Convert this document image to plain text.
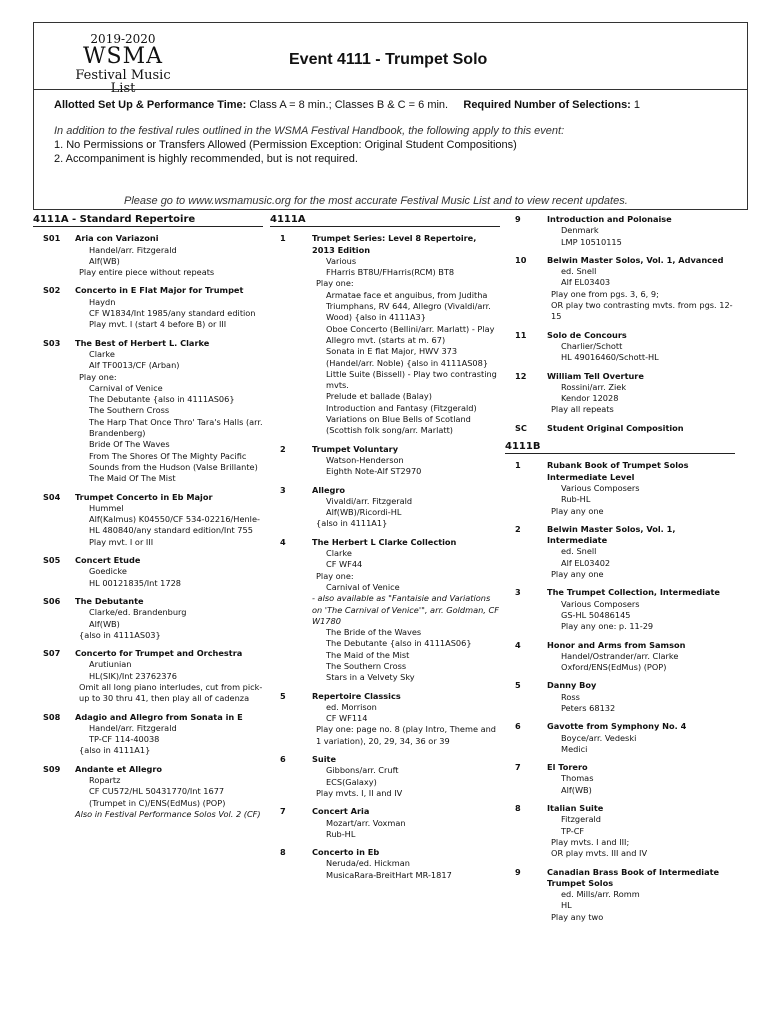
2019-2020
WSMA
Festival Music List
Event 4111 - Trumpet Solo
Allotted Set Up & Performance Time: Class A = 8 min.; Classes B & C = 6 min. Required Number of Selections: 1
In addition to the festival rules outlined in the WSMA Festival Handbook, the following apply to this event:
1. No Permissions or Transfers Allowed (Permission Exception: Original Student Compositions)
2. Accompaniment is highly recommended, but is not required.
Please go to www.wsmamusic.org for the most accurate Festival Music List and to view recent updates.
4111A - Standard Repertoire
S01 Aria con Variazoni
Handel/arr. Fitzgerald
Alf(WB)
Play entire piece without repeats
S02 Concerto in E Flat Major for Trumpet
Haydn
CF W1834/Int 1985/any standard edition
Play mvt. I (start 4 before B) or III
S03 The Best of Herbert L. Clarke
Clarke
Alf TF0013/CF (Arban)
Play one:
Carnival of Venice
The Debutante {also in 4111AS06}
The Southern Cross
The Harp That Once Thro' Tara's Halls (arr. Brandenberg)
Bride Of The Waves
From The Shores Of The Mighty Pacific
Sounds from the Hudson (Valse Brillante)
The Maid Of The Mist
S04 Trumpet Concerto in Eb Major
Hummel
Alf(Kalmus) K04550/CF 534-02216/Henle-HL 480840/any standard edition/Int 755
Play mvt. I or III
S05 Concert Etude
Goedicke
HL 00121835/Int 1728
S06 The Debutante
Clarke/ed. Brandenburg
Alf(WB)
{also in 4111AS03}
S07 Concerto for Trumpet and Orchestra
Arutiunian
HL(SIK)/Int 23762376
Omit all long piano interludes, cut from pick-up to 30 thru 41, then play all of cadenza
S08 Adagio and Allegro from Sonata in E
Handel/arr. Fitzgerald
TP-CF 114-40038
{also in 4111A1}
S09 Andante et Allegro
Ropartz
CF CU572/HL 50431770/Int 1677 (Trumpet in C)/ENS(EdMus) (POP)
Also in Festival Performance Solos Vol. 2 (CF)
4111A
1	Trumpet Series: Level 8 Repertoire, 2013 Edition
Various
FHarris BT8U/FHarris(RCM) BT8
Play one:
Armatae face et anguibus, from Juditha Triumphans, RV 644, Allegro (Vivaldi/arr. Wood) {also in 4111A3}
Oboe Concerto (Bellini/arr. Marlatt) - Play Allegro mvt. (starts at m. 67)
Sonata in E flat Major, HWV 373 (Handel/arr. Noble) {also in 4111AS08}
Little Suite (Bissell) - Play two contrasting mvts.
Prelude et ballade (Balay)
Introduction and Fantasy (Fitzgerald)
Variations on Blue Bells of Scotland (Scottish folk song/arr. Marlatt)
2	Trumpet Voluntary
Watson-Henderson
Eighth Note-Alf ST2970
3	Allegro
Vivaldi/arr. Fitzgerald
Alf(WB)/Ricordi-HL
{also in 4111A1}
4	The Herbert L Clarke Collection
Clarke
CF WF44
Play one:
Carnival of Venice
- also available as "Fantaisie and Variations on 'The Carnival of Venice'", arr. Goldman, CF W1780
The Bride of the Waves
The Debutante {also in 4111AS06}
The Maid of the Mist
The Southern Cross
Stars in a Velvety Sky
5	Repertoire Classics
ed. Morrison
CF WF114
Play one: page no. 8 (play Intro, Theme and 1 variation), 20, 29, 34, 36 or 39
6	Suite
Gibbons/arr. Cruft
ECS(Galaxy)
Play mvts. I, II and IV
7	Concert Aria
Mozart/arr. Voxman
Rub-HL
8	Concerto in Eb
Neruda/ed. Hickman
MusicaRara-BreitHart MR-1817
9	Introduction and Polonaise
Denmark
LMP 10510115
10	Belwin Master Solos, Vol. 1, Advanced
ed. Snell
Alf EL03403
Play one from pgs. 3, 6, 9;
OR play two contrasting mvts. from pgs. 12-15
11	Solo de Concours
Charlier/Schott
HL 49016460/Schott-HL
12	William Tell Overture
Rossini/arr. Ziek
Kendor 12028
Play all repeats
SC Student Original Composition
4111B
1	Rubank Book of Trumpet Solos Intermediate Level
Various Composers
Rub-HL
Play any one
2	Belwin Master Solos, Vol. 1, Intermediate
ed. Snell
Alf EL03402
Play any one
3	The Trumpet Collection, Intermediate
Various Composers
GS-HL 50486145
Play any one: p. 11-29
4	Honor and Arms from Samson
Handel/Ostrander/arr. Clarke
Oxford/ENS(EdMus) (POP)
5	Danny Boy
Ross
Peters 68132
6	Gavotte from Symphony No. 4
Boyce/arr. Vedeski
Medici
7	El Torero
Thomas
Alf(WB)
8	Italian Suite
Fitzgerald
TP-CF
Play mvts. I and III;
OR play mvts. III and IV
9	Canadian Brass Book of Intermediate Trumpet Solos
ed. Mills/arr. Romm
HL
Play any two
